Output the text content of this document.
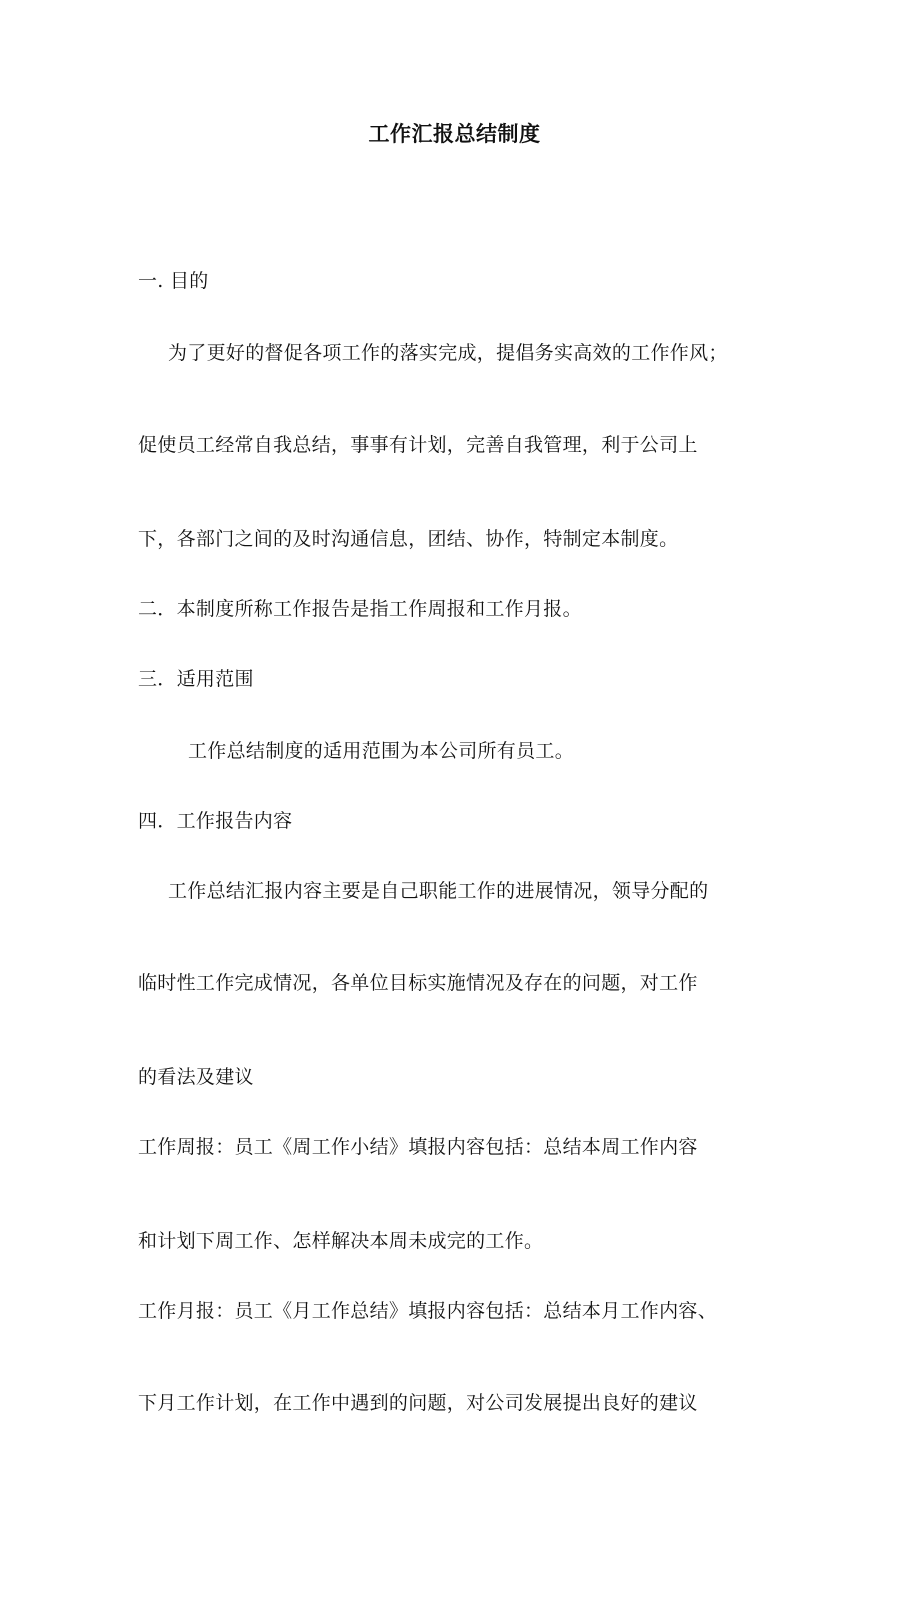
工作汇报总结制度
一. 目的
为了更好的督促各项工作的落实完成，提倡务实高效的工作作风；
促使员工经常自我总结，事事有计划，完善自我管理，利于公司上
下，各部门之间的及时沟通信息，团结、协作，特制定本制度。
二．本制度所称工作报告是指工作周报和工作月报。
三．适用范围
工作总结制度的适用范围为本公司所有员工。
四．工作报告内容
工作总结汇报内容主要是自己职能工作的进展情况，领导分配的
临时性工作完成情况，各单位目标实施情况及存在的问题，对工作
的看法及建议
工作周报：员工《周工作小结》填报内容包括：总结本周工作内容
和计划下周工作、怎样解决本周未成完的工作。
工作月报：员工《月工作总结》填报内容包括：总结本月工作内容、
下月工作计划，在工作中遇到的问题，对公司发展提出良好的建议
